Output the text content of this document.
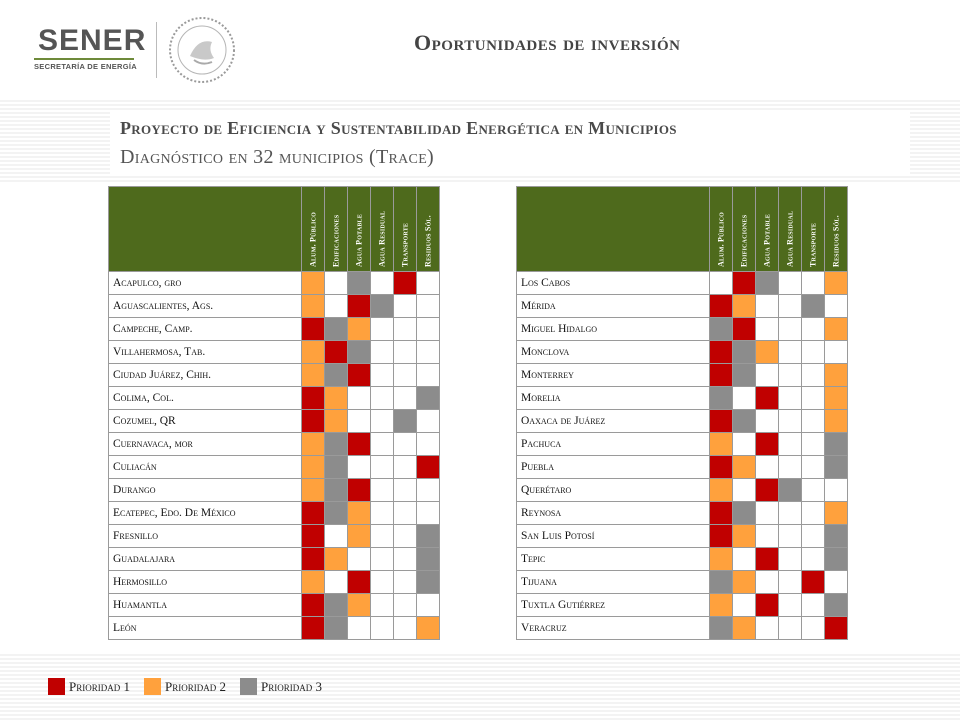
SENER
SECRETARÍA DE ENERGÍA
Oportunidades de inversión
Proyecto de Eficiencia y Sustentabilidad Energética en Municipios
Diagnóstico en 32 municipios (Trace)

	Alum. Público	Edificaciones	Agua Potable	Agua Residual	Transporte	Residuos Sól.

Acapulco, gro						
Aguascalientes, Ags.						
Campeche, Camp.						
Villahermosa, Tab.						
Ciudad Juárez, Chih.						
Colima, Col.						
Cozumel, QR						
Cuernavaca, mor						
Culiacán						
Durango						
Ecatepec, Edo. De México						
Fresnillo						
Guadalajara						
Hermosillo						
Huamantla						
León						

	Alum. Público	Edificaciones	Agua Potable	Agua Residual	Transporte	Residuos Sól.

Los Cabos						
Mérida						
Miguel Hidalgo						
Monclova						
Monterrey						
Morelia						
Oaxaca de Juárez						
Pachuca						
Puebla						
Querétaro						
Reynosa						
San Luis Potosí						
Tepic						
Tijuana						
Tuxtla Gutiérrez						
Veracruz						
Prioridad 1	Prioridad 2	Prioridad 3
